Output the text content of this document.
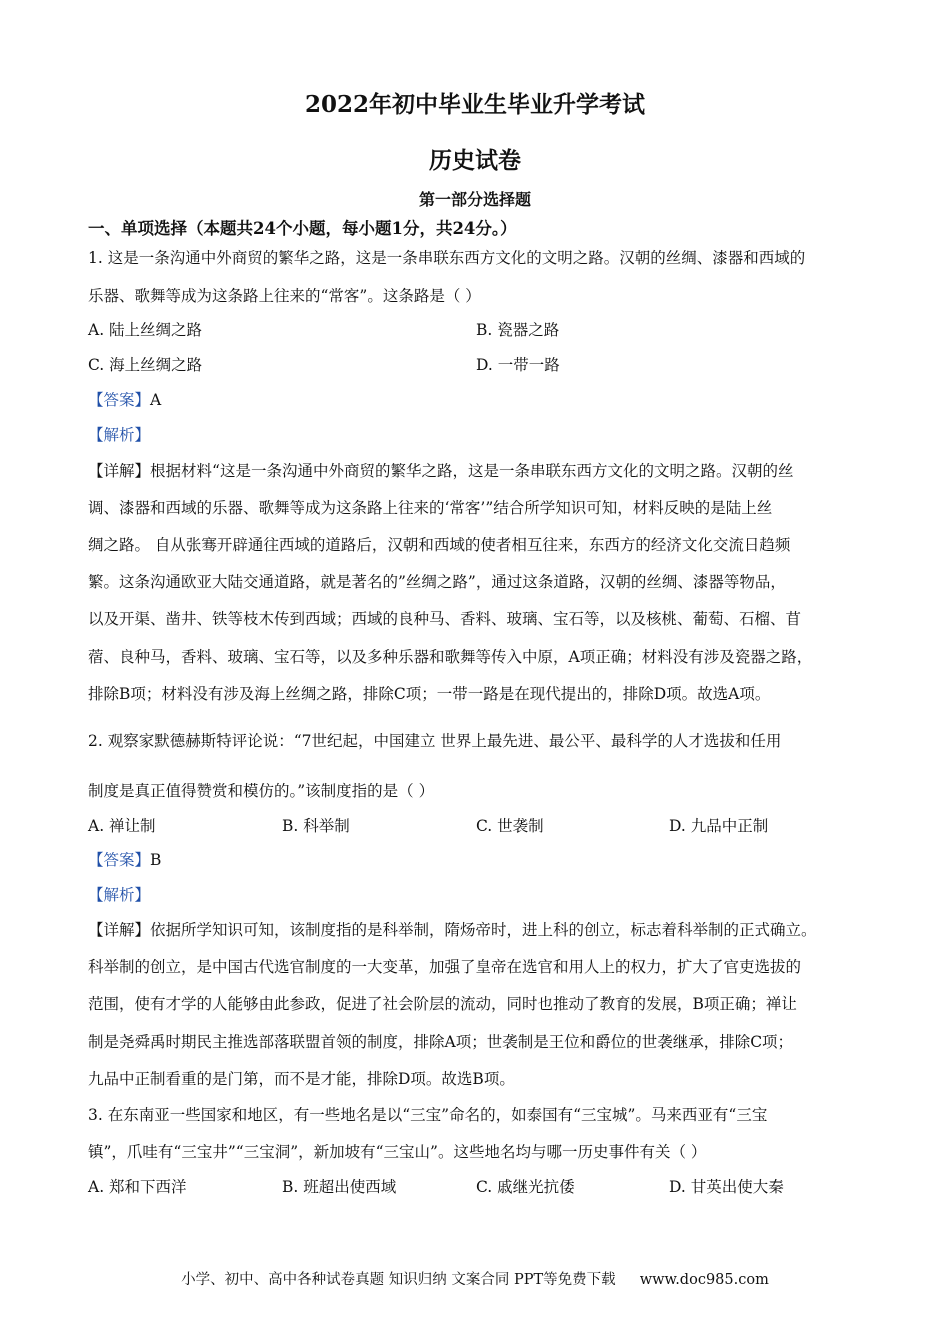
2022年初中毕业生毕业升学考试
历史试卷
第一部分选择题
一、单项选择（本题共24个小题，每小题1分，共24分。）
1. 这是一条沟通中外商贸的繁华之路，这是一条串联东西方文化的文明之路。汉朝的丝绸、漆器和西域的
乐器、歌舞等成为这条路上往来的“常客”。这条路是（ ）
A. 陆上丝绸之路	B. 瓷器之路
C. 海上丝绸之路	D. 一带一路
【答案】A
【解析】
【详解】根据材料“这是一条沟通中外商贸的繁华之路，这是一条串联东西方文化的文明之路。汉朝的丝
调、漆器和西域的乐器、歌舞等成为这条路上往来的‘常客’”结合所学知识可知，材料反映的是陆上丝
绸之路。 自从张骞开辟通往西域的道路后，汉朝和西域的使者相互往来，东西方的经济文化交流日趋频
繁。这条沟通欧亚大陆交通道路，就是著名的”丝绸之路”，通过这条道路，汉朝的丝绸、漆器等物品，
以及开渠、凿井、铁等枝木传到西域；西域的良种马、香料、玻璃、宝石等，以及核桃、葡萄、石榴、苜
蓿、良种马，香料、玻璃、宝石等，以及多种乐器和歌舞等传入中原，A项正确；材料没有涉及瓷器之路，
排除B项；材料没有涉及海上丝绸之路，排除C项；一带一路是在现代提出的，排除D项。故选A项。
2. 观察家默德赫斯特评论说：“7世纪起，中国建立 世界上最先进、最公平、最科学的人才选拔和任用
制度是真正值得赞赏和模仿的。”该制度指的是（ ）
A. 禅让制	B. 科举制	C. 世袭制	D. 九品中正制
【答案】B
【解析】
【详解】依据所学知识可知，该制度指的是科举制，隋炀帝时，进上科的创立，标志着科举制的正式确立。
科举制的创立，是中国古代选官制度的一大变革，加强了皇帝在选官和用人上的权力，扩大了官吏选拔的
范围，使有才学的人能够由此参政，促进了社会阶层的流动，同时也推动了教育的发展，B项正确；禅让
制是尧舜禹时期民主推选部落联盟首领的制度，排除A项；世袭制是王位和爵位的世袭继承，排除C项；
九品中正制看重的是门第，而不是才能，排除D项。故选B项。
3. 在东南亚一些国家和地区，有一些地名是以“三宝”命名的，如泰国有“三宝城”。马来西亚有“三宝
镇”，爪哇有“三宝井”“三宝洞”，新加坡有“三宝山”。这些地名均与哪一历史事件有关（ ）
A. 郑和下西洋	B. 班超出使西域	C. 戚继光抗倭	D. 甘英出使大秦
小学、初中、高中各种试卷真题 知识归纳 文案合同 PPT等免费下载 www.doc985.com
